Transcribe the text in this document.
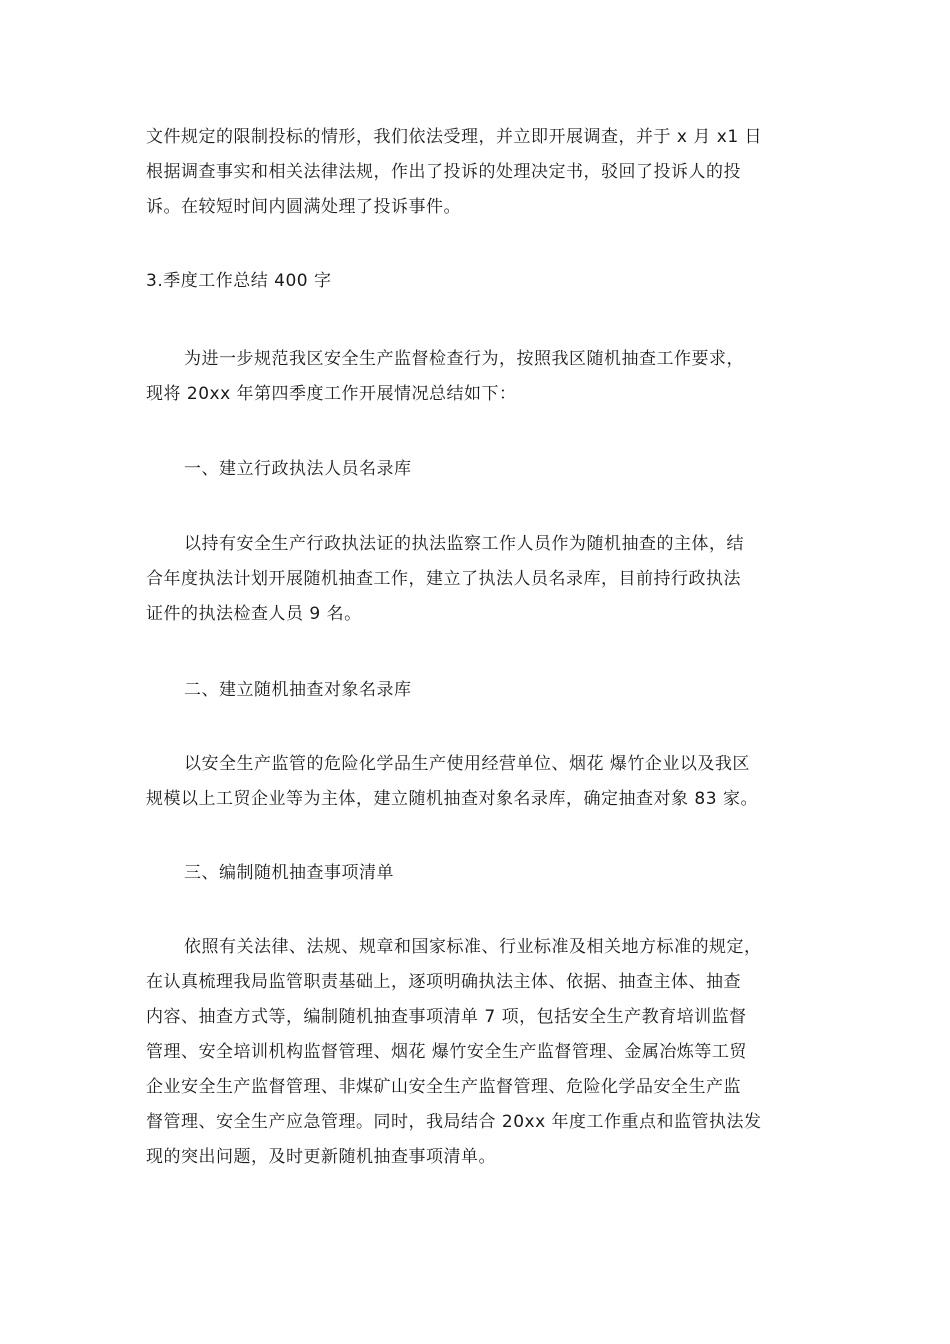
文件规定的限制投标的情形，我们依法受理，并立即开展调查，并于 x 月 x1 日
根据调查事实和相关法律法规，作出了投诉的处理决定书，驳回了投诉人的投
诉。在较短时间内圆满处理了投诉事件。

3.季度工作总结 400 字

为进一步规范我区安全生产监督检查行为，按照我区随机抽查工作要求，
现将 20xx 年第四季度工作开展情况总结如下：

一、建立行政执法人员名录库

以持有安全生产行政执法证的执法监察工作人员作为随机抽查的主体，结
合年度执法计划开展随机抽查工作，建立了执法人员名录库，目前持行政执法
证件的执法检查人员 9 名。

二、建立随机抽查对象名录库

以安全生产监管的危险化学品生产使用经营单位、烟花 爆竹企业以及我区
规模以上工贸企业等为主体，建立随机抽查对象名录库，确定抽查对象 83 家。

三、编制随机抽查事项清单

依照有关法律、法规、规章和国家标准、行业标准及相关地方标准的规定，
在认真梳理我局监管职责基础上，逐项明确执法主体、依据、抽查主体、抽查
内容、抽查方式等，编制随机抽查事项清单 7 项，包括安全生产教育培训监督
管理、安全培训机构监督管理、烟花 爆竹安全生产监督管理、金属冶炼等工贸
企业安全生产监督管理、非煤矿山安全生产监督管理、危险化学品安全生产监
督管理、安全生产应急管理。同时，我局结合 20xx 年度工作重点和监管执法发
现的突出问题，及时更新随机抽查事项清单。
